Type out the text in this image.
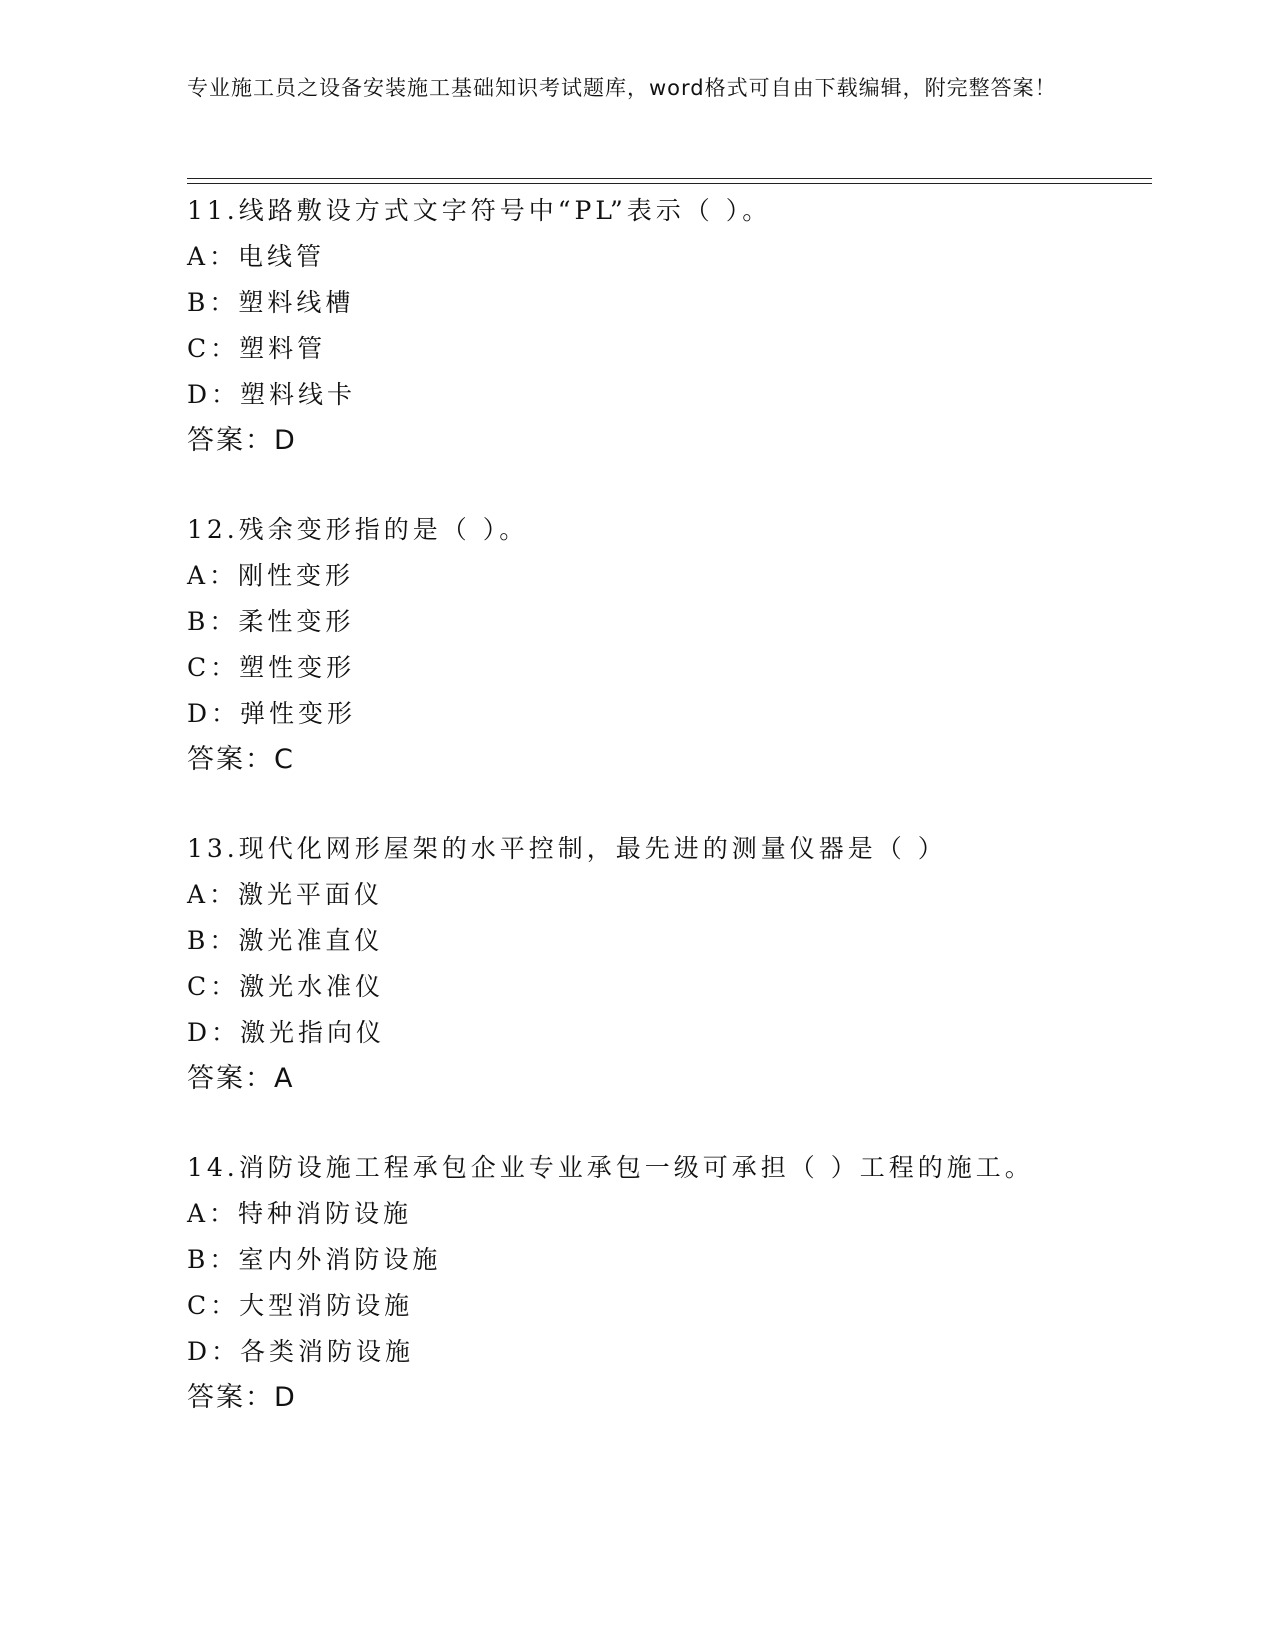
专业施工员之设备安装施工基础知识考试题库，word格式可自由下载编辑，附完整答案！
11.线路敷设方式文字符号中“PL”表示（ ）。
A：电线管
B：塑料线槽
C：塑料管
D：塑料线卡
答案：D
12.残余变形指的是（ ）。
A：刚性变形
B：柔性变形
C：塑性变形
D：弹性变形
答案：C
13.现代化网形屋架的水平控制，最先进的测量仪器是（ ）
A：激光平面仪
B：激光准直仪
C：激光水准仪
D：激光指向仪
答案：A
14.消防设施工程承包企业专业承包一级可承担（ ）工程的施工。
A：特种消防设施
B：室内外消防设施
C：大型消防设施
D：各类消防设施
答案：D
